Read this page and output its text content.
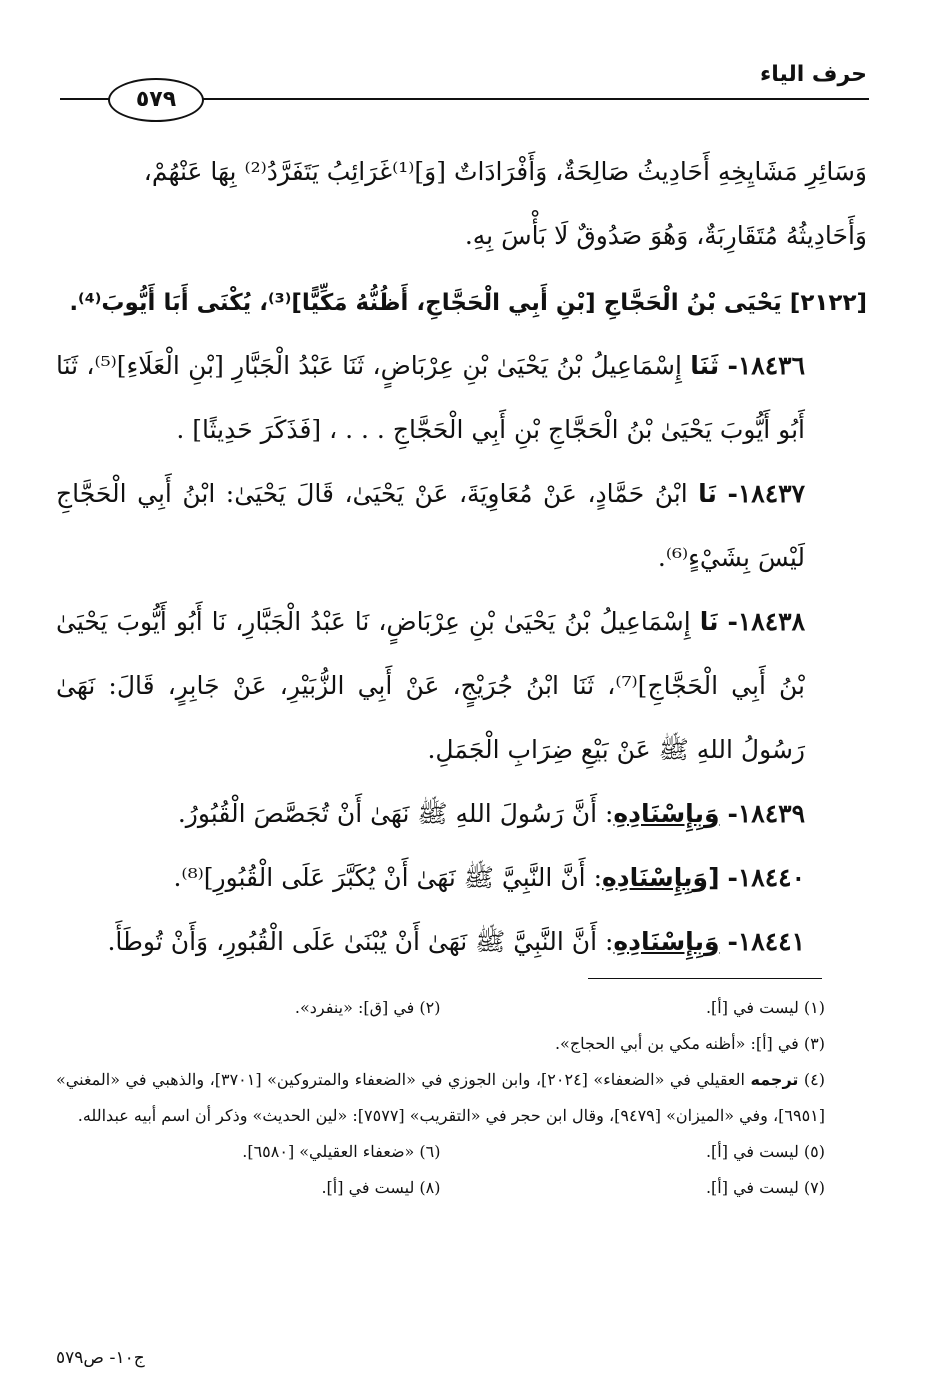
حرف الياء
٥٧٩

وَسَائِرِ مَشَايِخِهِ أَحَادِيثُ صَالِحَةٌ، وَأَفْرَادَاتٌ [وَ]⁽¹⁾غَرَائِبُ يَتَفَرَّدُ⁽²⁾ بِهَا عَنْهُمْ،

وَأَحَادِيثُهُ مُتَقَارِبَةٌ، وَهُوَ صَدُوقٌ لَا بَأْسَ بِهِ.

[٢١٢٢] يَحْيَى بْنُ الْحَجَّاجِ [بْنِ أَبِي الْحَجَّاجِ، أَظُنُّهُ مَكِّيًّا]⁽³⁾، يُكْنَى أَبَا أَيُّوبَ⁽⁴⁾.

١٨٤٣٦- ثَنَا إِسْمَاعِيلُ بْنُ يَحْيَىٰ بْنِ عِرْبَاضٍ، ثَنَا عَبْدُ الْجَبَّارِ [بْنِ الْعَلَاءِ]⁽⁵⁾، ثَنَا أَبُو أَيُّوبَ يَحْيَىٰ بْنُ الْحَجَّاجِ بْنِ أَبِي الْحَجَّاجِ . . . ، [فَذَكَرَ حَدِيثًا] .

١٨٤٣٧- نَا ابْنُ حَمَّادٍ، عَنْ مُعَاوِيَةَ، عَنْ يَحْيَىٰ، قَالَ يَحْيَىٰ: ابْنُ أَبِي الْحَجَّاجِ لَيْسَ بِشَيْءٍ⁽⁶⁾.

١٨٤٣٨- نَا إِسْمَاعِيلُ بْنُ يَحْيَىٰ بْنِ عِرْبَاضٍ، نَا عَبْدُ الْجَبَّارِ، نَا أَبُو أَيُّوبَ يَحْيَىٰ بْنُ أَبِي الْحَجَّاجِ]⁽⁷⁾، ثَنَا ابْنُ جُرَيْجٍ، عَنْ أَبِي الزُّبَيْرِ، عَنْ جَابِرٍ، قَالَ: نَهَىٰ رَسُولُ اللهِ ﷺ عَنْ بَيْعِ ضِرَابِ الْجَمَلِ.

١٨٤٣٩- وَبِإِسْنَادِهِ: أَنَّ رَسُولَ اللهِ ﷺ نَهَىٰ أَنْ تُجَصَّصَ الْقُبُورُ.

١٨٤٤٠- [وَبِإِسْنَادِهِ: أَنَّ النَّبِيَّ ﷺ نَهَىٰ أَنْ يُكَبَّرَ عَلَى الْقُبُورِ]⁽⁸⁾.

١٨٤٤١- وَبِإِسْنَادِهِ: أَنَّ النَّبِيَّ ﷺ نَهَىٰ أَنْ يُبْنَىٰ عَلَى الْقُبُورِ، وَأَنْ تُوطَأَ.

(١) ليست في [أ].
(٢) في [ق]: «ينفرد».
(٣) في [أ]: «أظنه مكي بن أبي الحجاج».
(٤) ترجمه العقيلي في «الضعفاء» [٢٠٢٤]، وابن الجوزي في «الضعفاء والمتروكين» [٣٧٠١]، والذهبي في «المغني» [٦٩٥١]، وفي «الميزان» [٩٤٧٩]، وقال ابن حجر في «التقريب» [٧٥٧٧]: «لين الحديث» وذكر أن اسم أبيه عبدالله.
(٥) ليست في [أ].
(٦) «ضعفاء العقيلي» [٦٥٨٠].
(٧) ليست في [أ].
(٨) ليست في [أ].
ج١٠- ص٥٧٩
